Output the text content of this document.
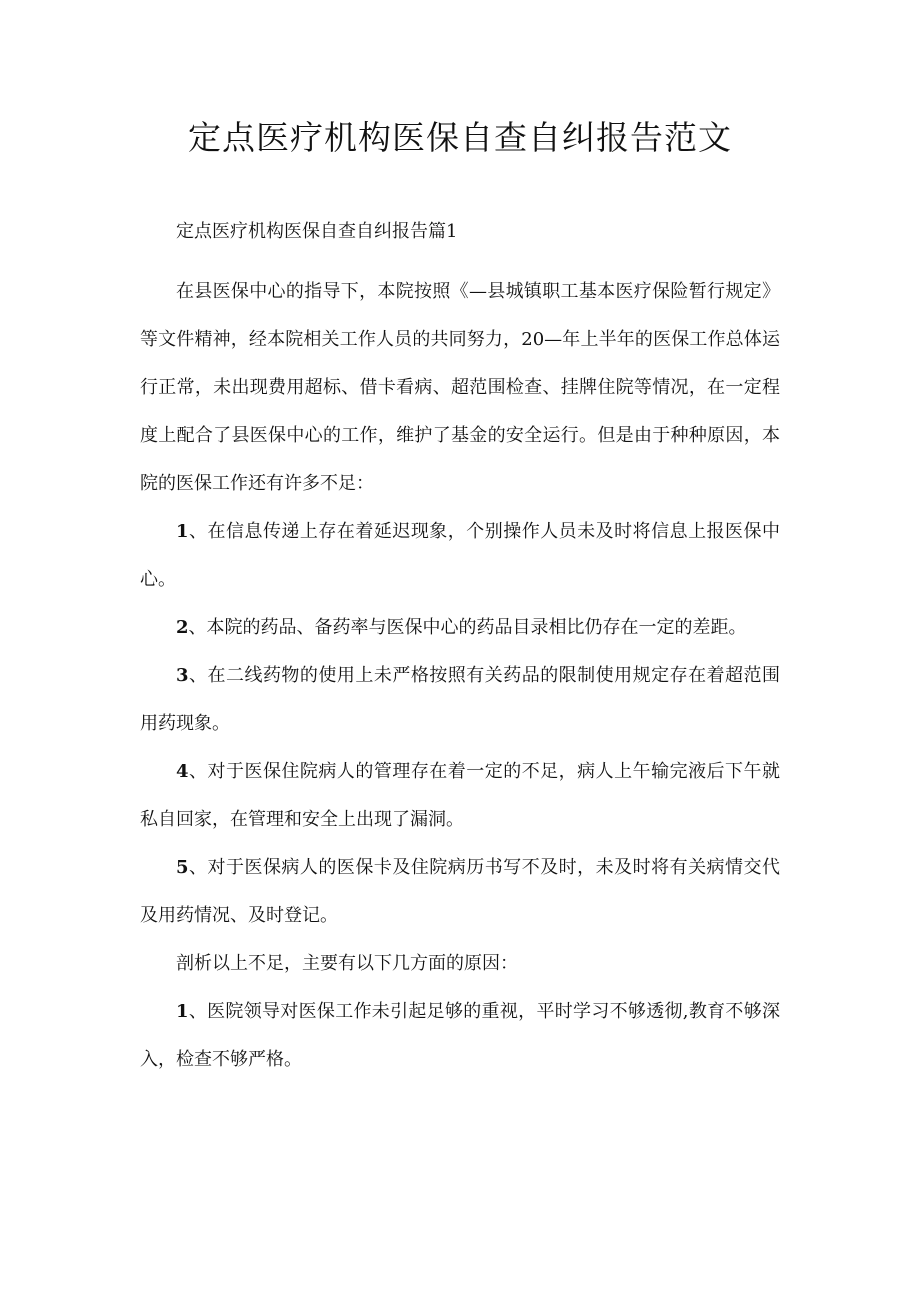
定点医疗机构医保自查自纠报告范文

定点医疗机构医保自查自纠报告篇1

在县医保中心的指导下，本院按照《—县城镇职工基本医疗保险暂行规定》等文件精神，经本院相关工作人员的共同努力，20—年上半年的医保工作总体运行正常，未出现费用超标、借卡看病、超范围检查、挂牌住院等情况，在一定程度上配合了县医保中心的工作，维护了基金的安全运行。但是由于种种原因，本院的医保工作还有许多不足：

1、在信息传递上存在着延迟现象，个别操作人员未及时将信息上报医保中心。

2、本院的药品、备药率与医保中心的药品目录相比仍存在一定的差距。

3、在二线药物的使用上未严格按照有关药品的限制使用规定存在着超范围用药现象。

4、对于医保住院病人的管理存在着一定的不足，病人上午输完液后下午就私自回家，在管理和安全上出现了漏洞。

5、对于医保病人的医保卡及住院病历书写不及时，未及时将有关病情交代及用药情况、及时登记。

剖析以上不足，主要有以下几方面的原因：

1、医院领导对医保工作未引起足够的重视，平时学习不够透彻,教育不够深入，检查不够严格。
